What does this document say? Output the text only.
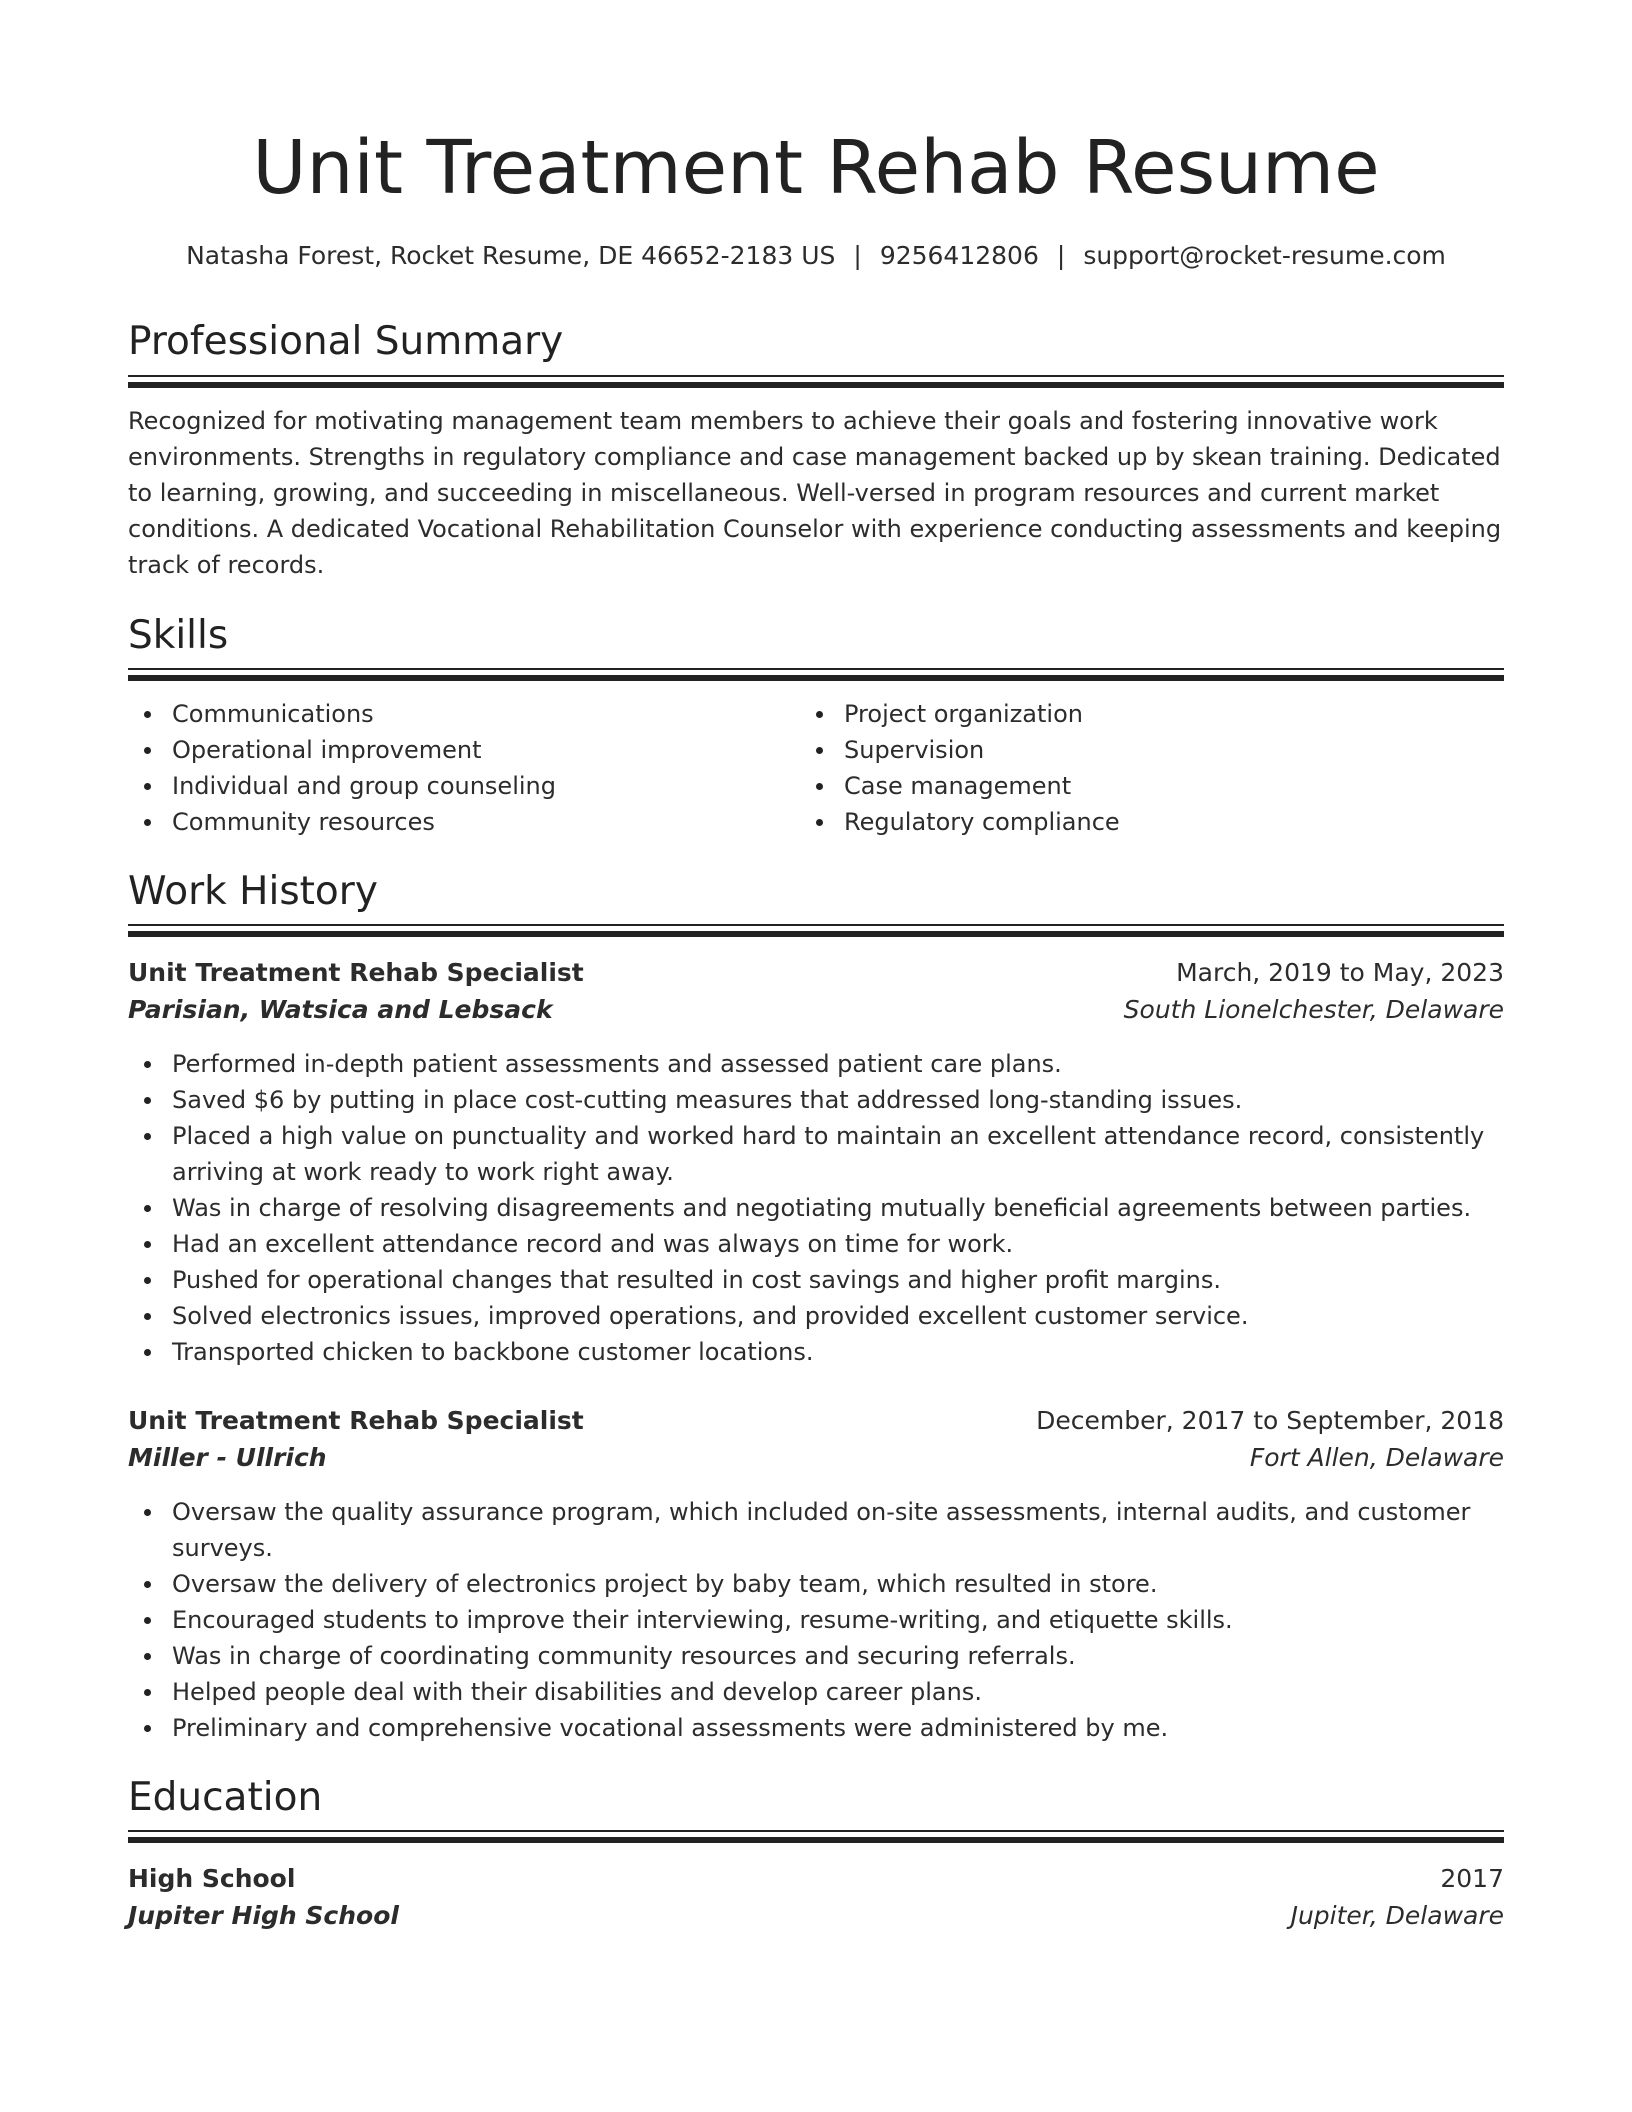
Unit Treatment Rehab Resume
Natasha Forest, Rocket Resume, DE 46652-2183 US | 9256412806 | support@rocket-resume.com
Professional Summary

Recognized for motivating management team members to achieve their goals and fostering innovative work environments. Strengths in regulatory compliance and case management backed up by skean training. Dedicated to learning, growing, and succeeding in miscellaneous. Well-versed in program resources and current market conditions. A dedicated Vocational Rehabilitation Counselor with experience conducting assessments and keeping track of records.

Skills
Communications
Operational improvement
Individual and group counseling
Community resources
Project organization
Supervision
Case management
Regulatory compliance
Work History
Unit Treatment Rehab Specialist	March, 2019 to May, 2023
Parisian, Watsica and Lebsack	South Lionelchester, Delaware
Performed in-depth patient assessments and assessed patient care plans.
Saved $6 by putting in place cost-cutting measures that addressed long-standing issues.
Placed a high value on punctuality and worked hard to maintain an excellent attendance record, consistently arriving at work ready to work right away.
Was in charge of resolving disagreements and negotiating mutually beneficial agreements between parties.
Had an excellent attendance record and was always on time for work.
Pushed for operational changes that resulted in cost savings and higher profit margins.
Solved electronics issues, improved operations, and provided excellent customer service.
Transported chicken to backbone customer locations.
Unit Treatment Rehab Specialist	December, 2017 to September, 2018
Miller - Ullrich	Fort Allen, Delaware
Oversaw the quality assurance program, which included on-site assessments, internal audits, and customer surveys.
Oversaw the delivery of electronics project by baby team, which resulted in store.
Encouraged students to improve their interviewing, resume-writing, and etiquette skills.
Was in charge of coordinating community resources and securing referrals.
Helped people deal with their disabilities and develop career plans.
Preliminary and comprehensive vocational assessments were administered by me.
Education
High School	2017
Jupiter High School	Jupiter, Delaware
